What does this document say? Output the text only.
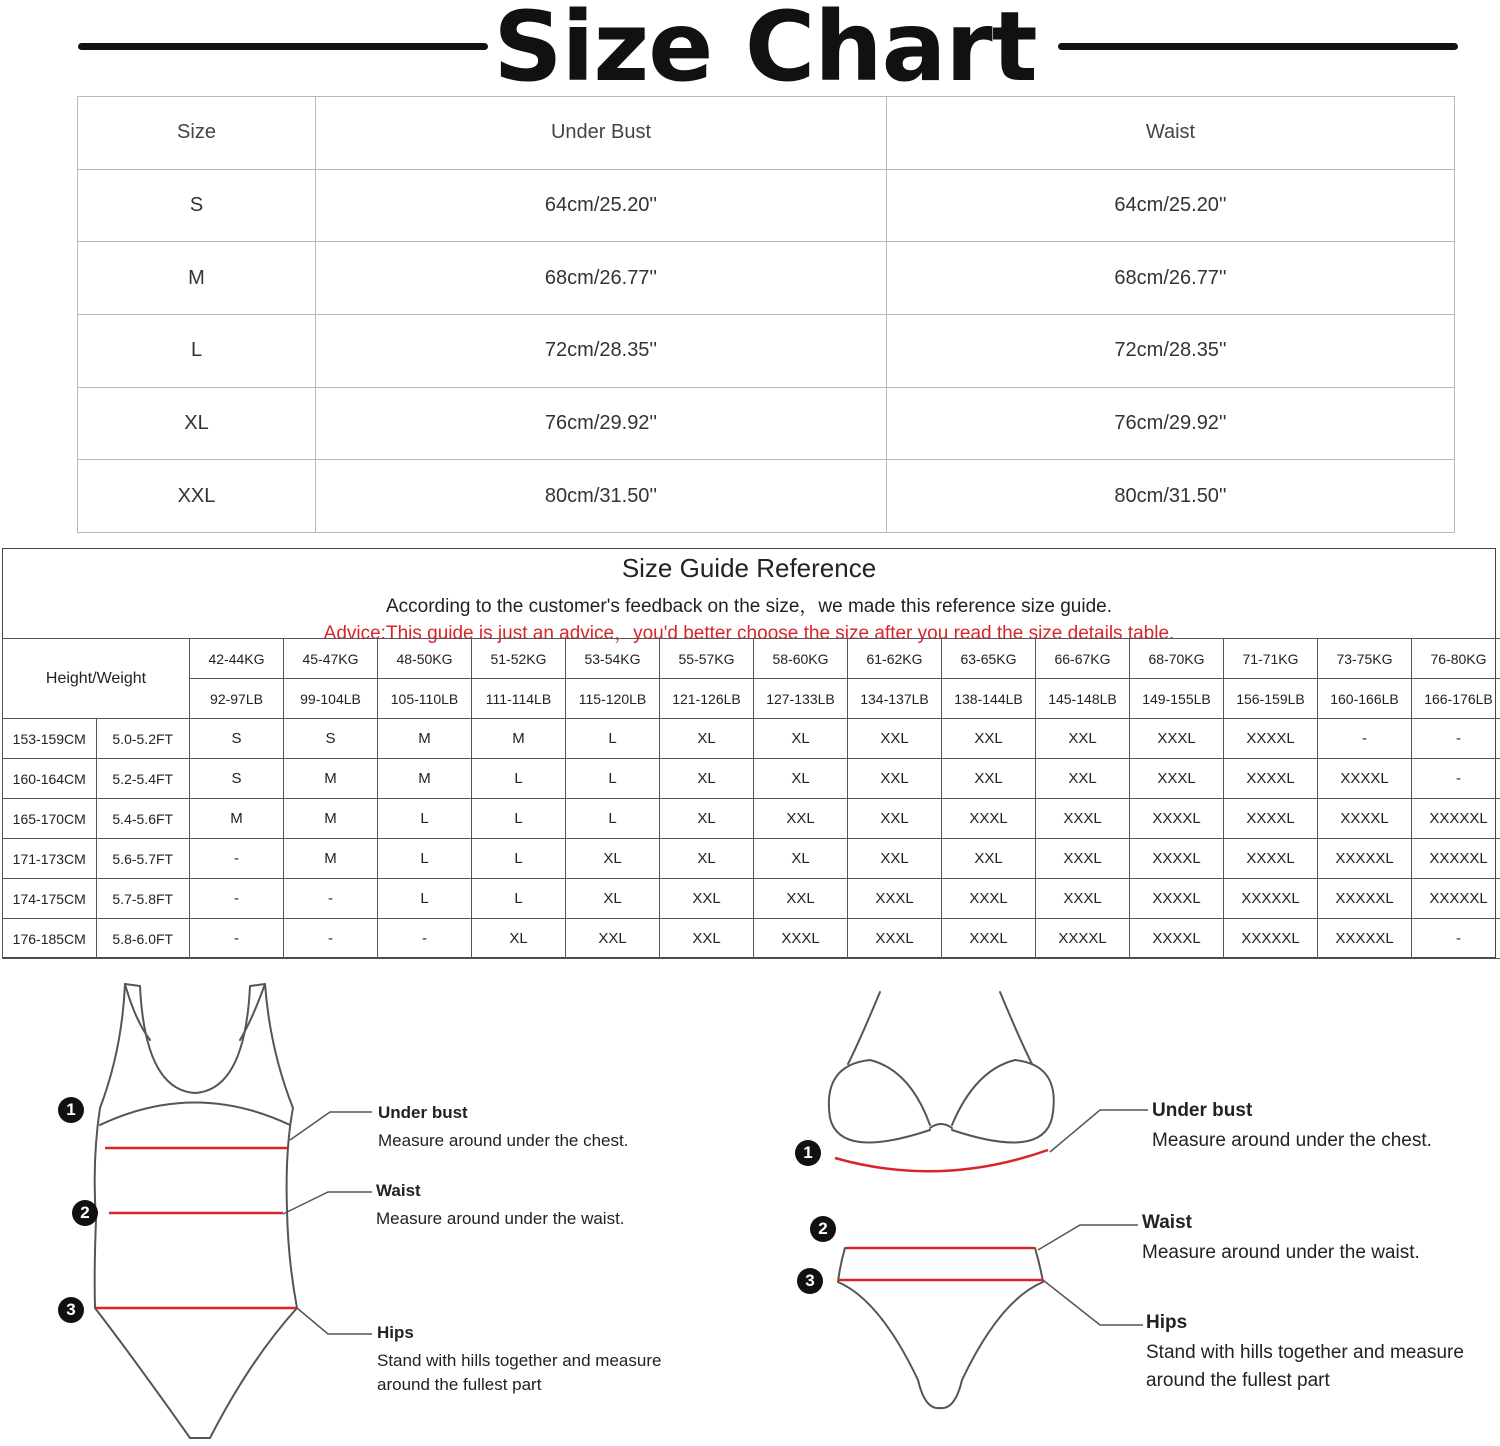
Size Chart
Size	Under Bust	Waist
S	64cm/25.20''	64cm/25.20''
M	68cm/26.77''	68cm/26.77''
L	72cm/28.35''	72cm/28.35''
XL	76cm/29.92''	76cm/29.92''
XXL	80cm/31.50''	80cm/31.50''
Size Guide Reference
According to the customer's feedback on the size，we made this reference size guide.
Advice:This guide is just an advice，you'd better choose the size after you read the size details table.
Height/Weight		42-44KG	45-47KG	48-50KG	51-52KG	53-54KG	55-57KG	58-60KG	61-62KG	63-65KG	66-67KG	68-70KG	71-71KG	73-75KG	76-80KG
		92-97LB	99-104LB	105-110LB	111-114LB	115-120LB	121-126LB	127-133LB	134-137LB	138-144LB	145-148LB	149-155LB	156-159LB	160-166LB	166-176LB
153-159CM	5.0-5.2FT	S	S	M	M	L	XL	XL	XXL	XXL	XXL	XXXL	XXXXL	-	-
160-164CM	5.2-5.4FT	S	M	M	L	L	XL	XL	XXL	XXL	XXL	XXXL	XXXXL	XXXXL	-
165-170CM	5.4-5.6FT	M	M	L	L	L	XL	XXL	XXL	XXXL	XXXL	XXXXL	XXXXL	XXXXL	XXXXXL
171-173CM	5.6-5.7FT	-	M	L	L	XL	XL	XL	XXL	XXL	XXXL	XXXXL	XXXXL	XXXXXL	XXXXXL
174-175CM	5.7-5.8FT	-	-	L	L	XL	XXL	XXL	XXXL	XXXL	XXXL	XXXXL	XXXXXL	XXXXXL	XXXXXL
176-185CM	5.8-6.0FT	-	-	-	XL	XXL	XXL	XXXL	XXXL	XXXL	XXXXL	XXXXL	XXXXXL	XXXXXL	-
1
2
3
1
2
3
Under bust
Measure around under the chest.
Waist
Measure around under the waist.
Hips
Stand with hills together and measure
around the fullest part
Under bust
Measure around under the chest.
Waist
Measure around under the waist.
Hips
Stand with hills together and measure
around the fullest part
